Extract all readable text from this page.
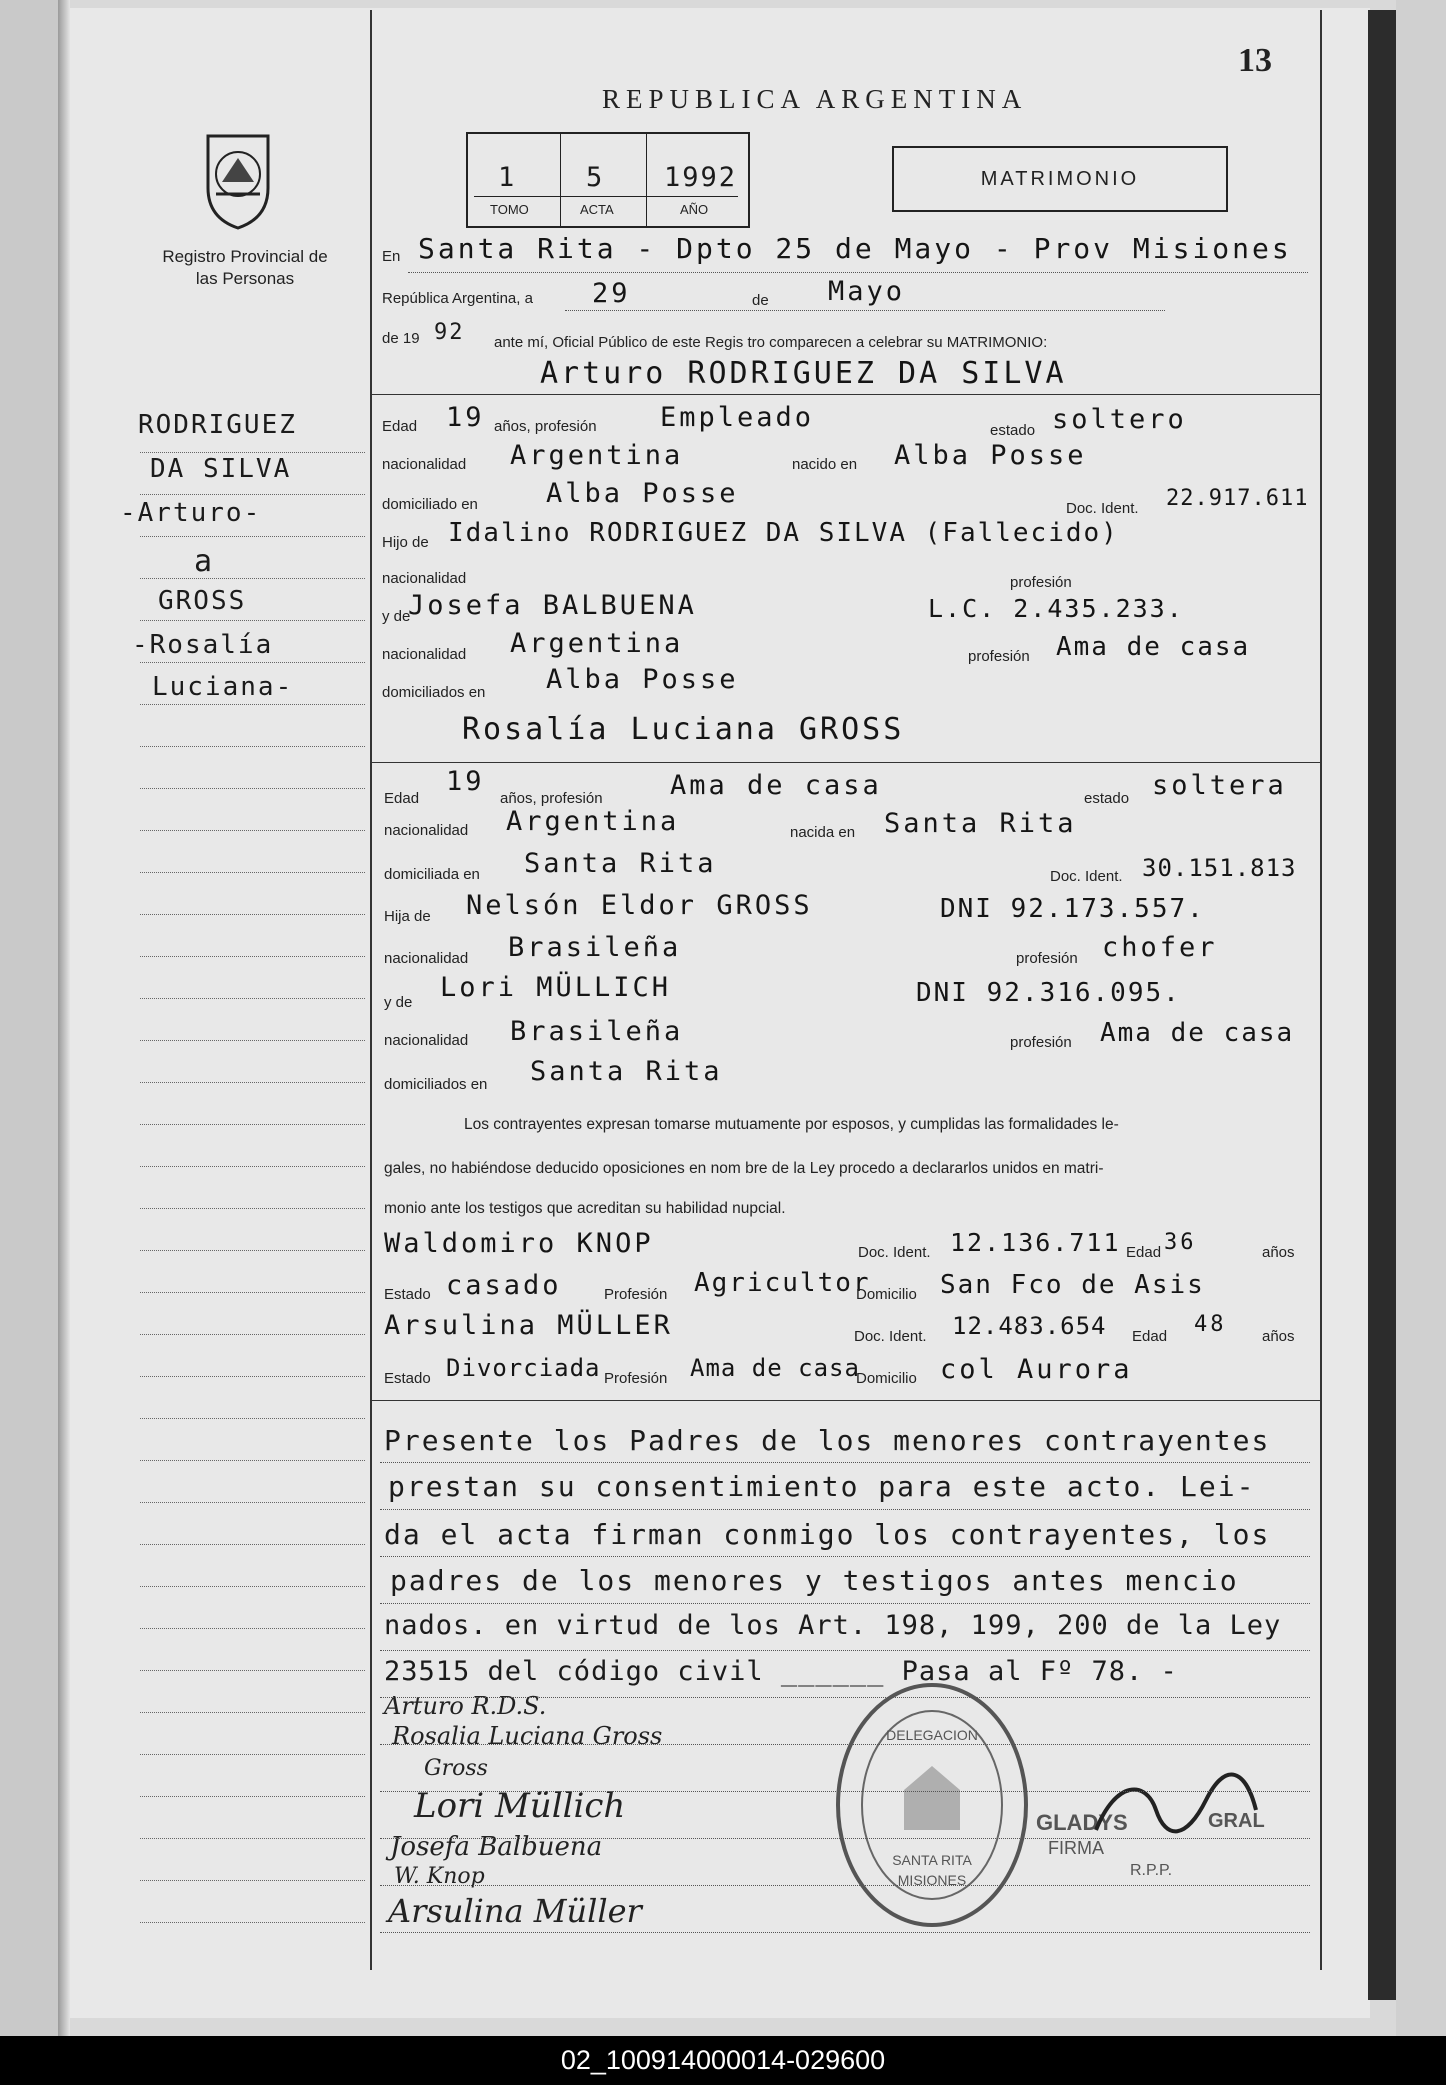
13
REPUBLICA ARGENTINA
Registro Provincial de las Personas
1	5 1992
TOMO	ACTA	AÑO
MATRIMONIO
RODRIGUEZ
DA SILVA
-Arturo-
a
GROSS
-Rosalía
Luciana-
En Santa Rita - Dpto 25 de Mayo - Prov Misiones
República Argentina, a 29	de Mayo
de 19 92 ante mí, Oficial Público de este Regis tro comparecen a celebrar su MATRIMONIO:
Arturo RODRIGUEZ DA SILVA
Edad 19 años, profesión Empleado	estado soltero
nacionalidad Argentina	nacido en Alba Posse
domiciliado en	Alba Posse	Doc. Ident. 22.917.611
Hijo de Idalino RODRIGUEZ DA SILVA (Fallecido)
nacionalidad	profesión
y de
Josefa BALBUENA	L.C. 2.435.233.
nacionalidad Argentina	profesión Ama de casa
domiciliados en Alba Posse
Rosalía Luciana GROSS
Edad
19
años, profesión Ama de casa	estado soltera
nacionalidad Argentina	nacida en Santa Rita
domiciliada en Santa Rita	Doc. Ident. 30.151.813
Hija de Nelsón Eldor GROSS	DNI 92.173.557.
nacionalidad Brasileña	profesión chofer
y de Lori MÜLLICH	DNI 92.316.095.
nacionalidad Brasileña	profesión Ama de casa
domiciliados en Santa Rita
Los contrayentes expresan tomarse mutuamente por esposos, y cumplidas las formalidades le-
gales, no habiéndose deducido oposiciones en nom bre de la Ley procedo a declararlos unidos en matri-
monio ante los testigos que acreditan su habilidad nupcial.
Waldomiro KNOP	Doc. Ident. 12.136.711 Edad 36	años
Estado casado	Profesión Agricultor
Domicilio San Fco de Asis
Arsulina MÜLLER	Doc. Ident. 12.483.654 Edad 48 años
Estado Divorciada Profesión Ama de casa
Domicilio col Aurora
Presente los Padres de los menores contrayentes
prestan su consentimiento para este acto. Lei-
da el acta firman conmigo los contrayentes, los
padres de los menores y testigos antes mencio
nados. en virtud de los Art. 198, 199, 200 de la Ley
23515 del código civil ______ Pasa al Fº 78. -
Arturo R.D.S.
Rosalia Luciana Gross
Gross
Lori Müllich
Josefa Balbuena
W. Knop
Arsulina Müller
DELEGACION
SANTA RITA
MISIONES
GLADYS	GRAL
FIRMA
R.P.P.
02_100914000014-029600
